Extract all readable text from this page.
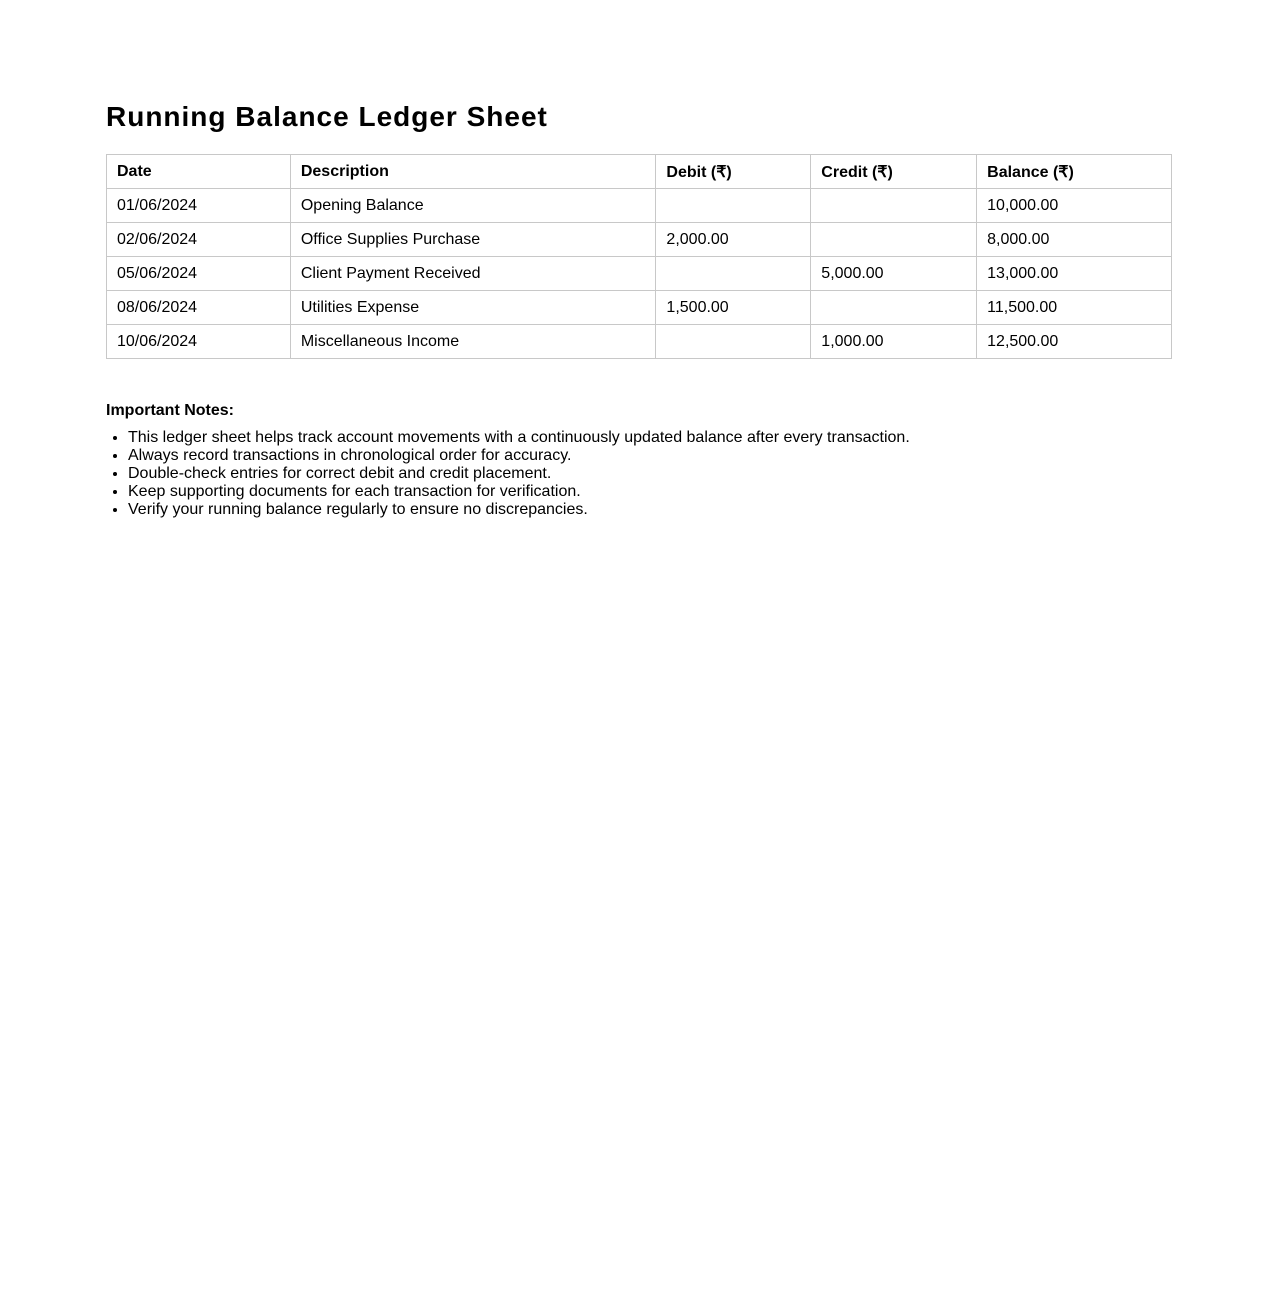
Running Balance Ledger Sheet
Date	Description	Debit (₹)	Credit (₹)	Balance (₹)
01/06/2024	Opening Balance			10,000.00
02/06/2024	Office Supplies Purchase	2,000.00		8,000.00
05/06/2024	Client Payment Received		5,000.00	13,000.00
08/06/2024	Utilities Expense	1,500.00		11,500.00
10/06/2024	Miscellaneous Income		1,000.00	12,500.00

Important Notes:

• This ledger sheet helps track account movements with a continuously updated balance after every transaction.
• Always record transactions in chronological order for accuracy.
• Double-check entries for correct debit and credit placement.
• Keep supporting documents for each transaction for verification.
• Verify your running balance regularly to ensure no discrepancies.
